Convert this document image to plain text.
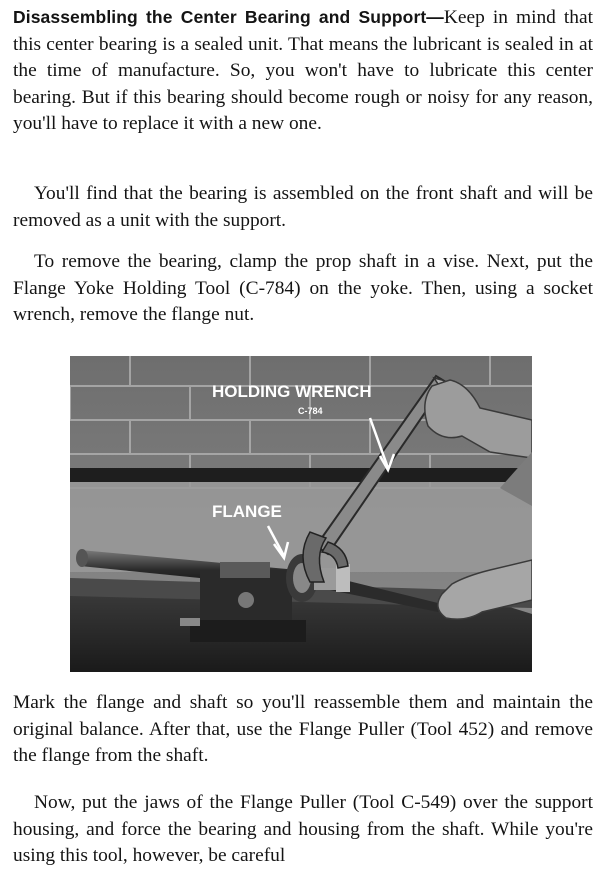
Disassembling the Center Bearing and Support—Keep in mind that this center bearing is a sealed unit. That means the lubricant is sealed in at the time of manufacture. So, you won't have to lubricate this center bearing. But if this bearing should become rough or noisy for any reason, you'll have to replace it with a new one.

You'll find that the bearing is assembled on the front shaft and will be removed as a unit with the support.

To remove the bearing, clamp the prop shaft in a vise. Next, put the Flange Yoke Holding Tool (C-784) on the yoke. Then, using a socket wrench, remove the flange nut.

HOLDING WRENCH
C-784
FLANGE

Mark the flange and shaft so you'll reassemble them and maintain the original balance. After that, use the Flange Puller (Tool 452) and remove the flange from the shaft.

Now, put the jaws of the Flange Puller (Tool C-549) over the support housing, and force the bearing and housing from the shaft. While you're using this tool, however, be careful
